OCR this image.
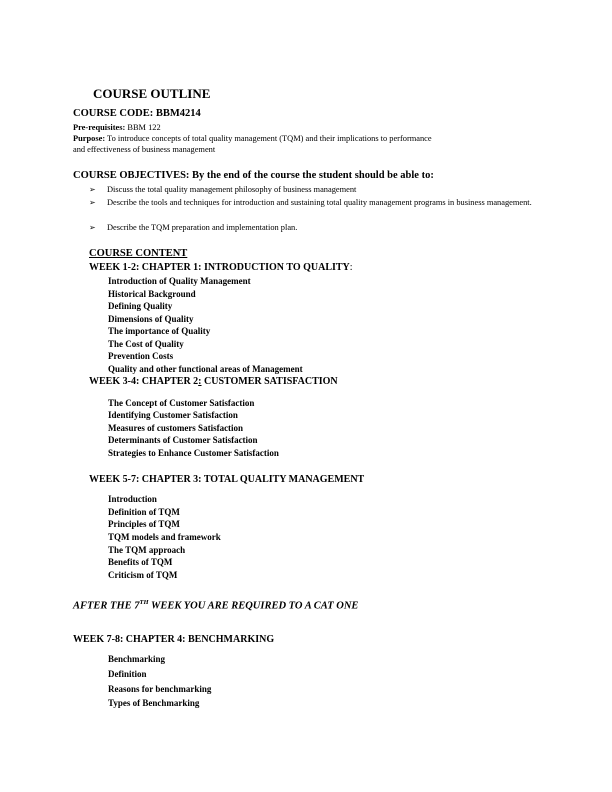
COURSE OUTLINE
COURSE CODE: BBM4214
Pre-requisites: BBM 122
Purpose: To introduce concepts of total quality management (TQM) and their implications to performance
and effectiveness of business management
COURSE OBJECTIVES: By the end of the course the student should be able to:
➢	Discuss the total quality management philosophy of business management
➢	Describe the tools and techniques for introduction and sustaining total quality management programs in business management.
➢	Describe the TQM preparation and implementation plan.
COURSE CONTENT
WEEK 1-2: CHAPTER 1: INTRODUCTION TO QUALITY:
Introduction of Quality Management
Historical Background
Defining Quality
Dimensions of Quality
The importance of Quality
The Cost of Quality
Prevention Costs
Quality and other functional areas of Management
WEEK 3-4: CHAPTER 2: CUSTOMER SATISFACTION
The Concept of Customer Satisfaction
Identifying Customer Satisfaction
Measures of customers Satisfaction
Determinants of Customer Satisfaction
Strategies to Enhance Customer Satisfaction
WEEK 5-7: CHAPTER 3: TOTAL QUALITY MANAGEMENT
Introduction
Definition of TQM
Principles of TQM
TQM models and framework
The TQM approach
Benefits of TQM
Criticism of TQM
AFTER THE 7TH WEEK YOU ARE REQUIRED TO A CAT ONE
WEEK 7-8: CHAPTER 4: BENCHMARKING
Benchmarking
Definition
Reasons for benchmarking
Types of Benchmarking
